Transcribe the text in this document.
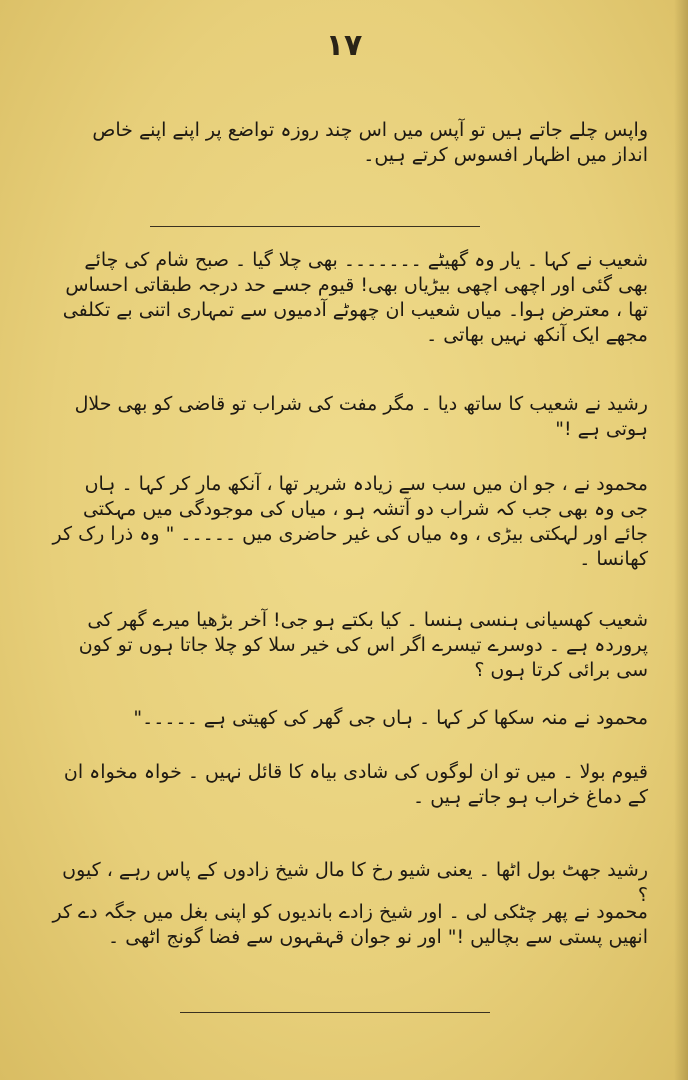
۱۷

واپس چلے جاتے ہیں تو آپس میں اس چند روزہ تواضع پر اپنے اپنے خاص انداز میں اظہار افسوس کرتے ہیں۔

شعیب نے کہا ۔ یار وہ گھیٹے ۔۔۔۔۔۔۔ بھی چلا گیا ۔ صبح شام کی چائے بھی گئی اور اچھی اچھی بیڑیاں بھی! قیوم جسے حد درجہ طبقاتی احساس تھا ، معترض ہوا۔ میاں شعیب ان چھوٹے آدمیوں سے تمہاری اتنی بے تکلفی مجھے ایک آنکھ نہیں بھاتی ۔

رشید نے شعیب کا ساتھ دیا ۔ مگر مفت کی شراب تو قاضی کو بھی حلال ہوتی ہے !"

محمود نے ، جو ان میں سب سے زیادہ شریر تھا ، آنکھ مار کر کہا ۔ ہاں جی وہ بھی جب کہ شراب دو آتشہ ہو ، میاں کی موجودگی میں مہکتی جائے اور لہکتی بیڑی ، وہ میاں کی غیر حاضری میں ۔۔۔۔۔ " وہ ذرا رک کر کھانسا ۔

شعیب کھسیانی ہنسی ہنسا ۔ کیا بکتے ہو جی! آخر بڑھیا میرے گھر کی پروردہ ہے ۔ دوسرے تیسرے اگر اس کی خیر سلا کو چلا جاتا ہوں تو کون سی برائی کرتا ہوں ؟

محمود نے منہ سکھا کر کہا ۔ ہاں جی گھر کی کھیتی ہے ۔۔۔۔۔"

قیوم بولا ۔ میں تو ان لوگوں کی شادی بیاہ کا قائل نہیں ۔ خواہ مخواہ ان کے دماغ خراب ہو جاتے ہیں ۔

رشید جھٹ بول اٹھا ۔ یعنی شیو رخ کا مال شیخ زادوں کے پاس رہے ، کیوں ؟

محمود نے پھر چٹکی لی ۔ اور شیخ زادے باندیوں کو اپنی بغل میں جگہ دے کر انھیں پستی سے بچالیں !" اور نو جوان قہقہوں سے فضا گونج اٹھی ۔
